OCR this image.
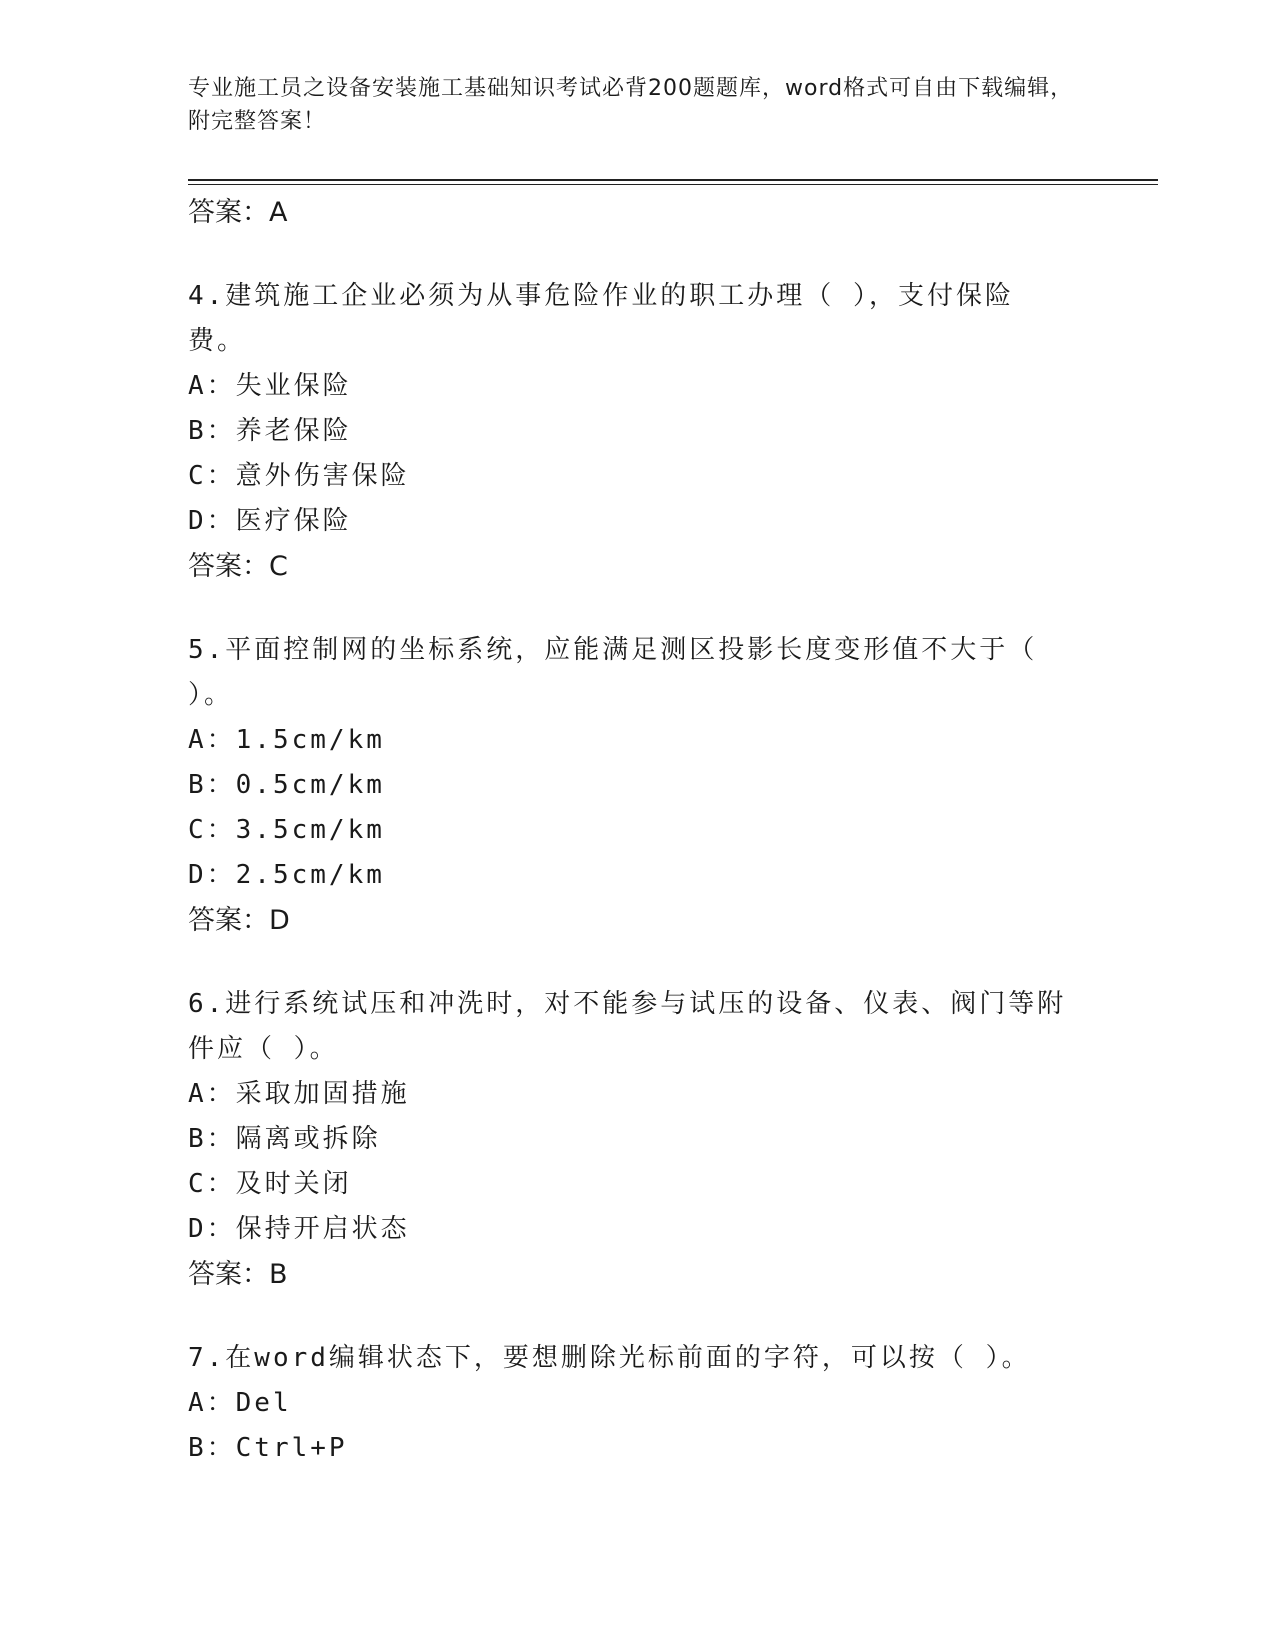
专业施工员之设备安装施工基础知识考试必背200题题库，word格式可自由下载编辑，附完整答案！
答案：A
4.建筑施工企业必须为从事危险作业的职工办理（ ），支付保险费。
A：失业保险
B：养老保险
C：意外伤害保险
D：医疗保险
答案：C
5.平面控制网的坐标系统，应能满足测区投影长度变形值不大于（ ）。
A：1.5cm/km
B：0.5cm/km
C：3.5cm/km
D：2.5cm/km
答案：D
6.进行系统试压和冲洗时，对不能参与试压的设备、仪表、阀门等附件应（ ）。
A：采取加固措施
B：隔离或拆除
C：及时关闭
D：保持开启状态
答案：B
7.在word编辑状态下，要想删除光标前面的字符，可以按（ ）。
A：Del
B：Ctrl+P
